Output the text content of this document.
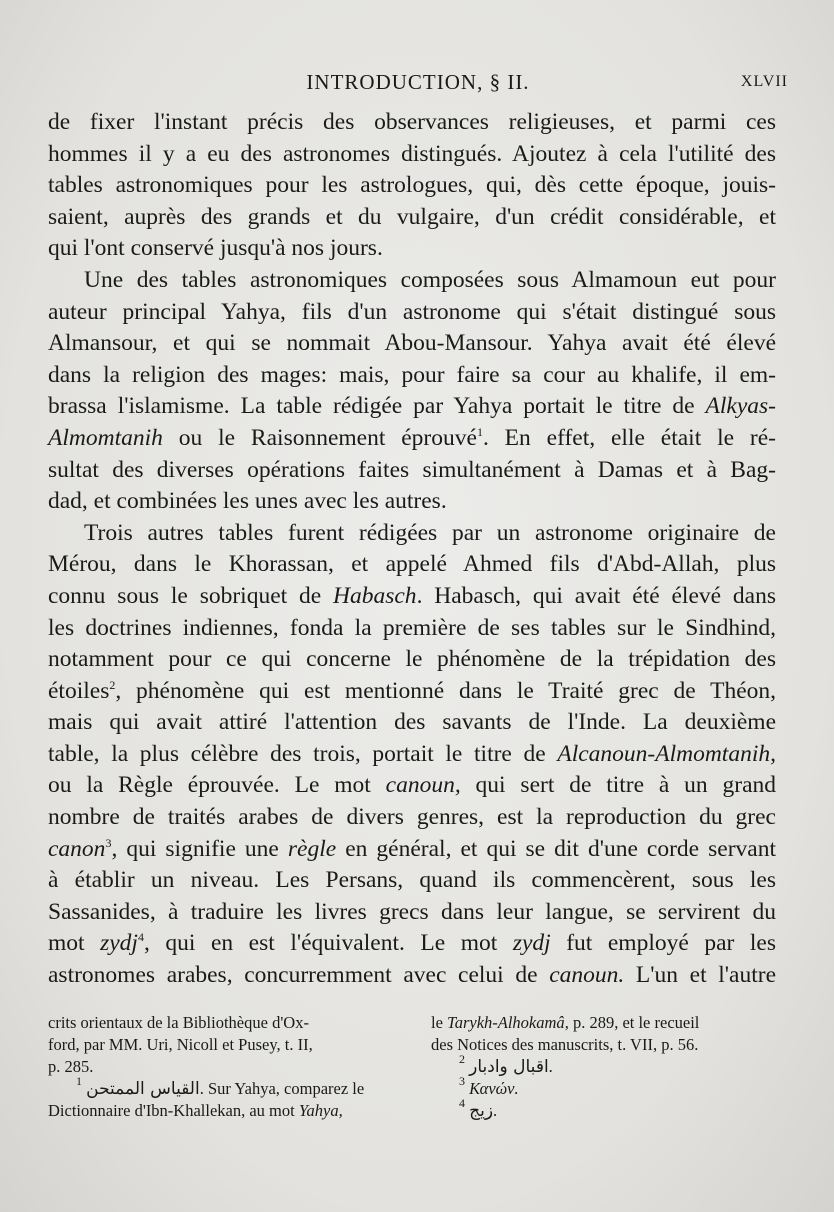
INTRODUCTION, § II.	XLVII

de fixer l'instant précis des observances religieuses, et parmi ces
hommes il y a eu des astronomes distingués. Ajoutez à cela l'utilité des
tables astronomiques pour les astrologues, qui, dès cette époque, jouis-
saient, auprès des grands et du vulgaire, d'un crédit considérable, et
qui l'ont conservé jusqu'à nos jours.

Une des tables astronomiques composées sous Almamoun eut pour
auteur principal Yahya, fils d'un astronome qui s'était distingué sous
Almansour, et qui se nommait Abou-Mansour. Yahya avait été élevé
dans la religion des mages: mais, pour faire sa cour au khalife, il em-
brassa l'islamisme. La table rédigée par Yahya portait le titre de Alkyas-
Almomtanih ou le Raisonnement éprouvé$^1$. En effet, elle était le ré-
sultat des diverses opérations faites simultanément à Damas et à Bag-
dad, et combinées les unes avec les autres.

Trois autres tables furent rédigées par un astronome originaire de
Mérou, dans le Khorassan, et appelé Ahmed fils d'Abd-Allah, plus
connu sous le sobriquet de Habasch. Habasch, qui avait été élevé dans
les doctrines indiennes, fonda la première de ses tables sur le Sindhind,
notamment pour ce qui concerne le phénomène de la trépidation des
étoiles$^2$, phénomène qui est mentionné dans le Traité grec de Théon,
mais qui avait attiré l'attention des savants de l'Inde. La deuxième
table, la plus célèbre des trois, portait le titre de Alcanoun-Almomtanih,
ou la Règle éprouvée. Le mot canoun, qui sert de titre à un grand
nombre de traités arabes de divers genres, est la reproduction du grec
canon$^3$, qui signifie une règle en général, et qui se dit d'une corde servant
à établir un niveau. Les Persans, quand ils commencèrent, sous les
Sassanides, à traduire les livres grecs dans leur langue, se servirent du
mot zydj$^4$, qui en est l'équivalent. Le mot zydj fut employé par les
astronomes arabes, concurremment avec celui de canoun. L'un et l'autre

crits orientaux de la Bibliothèque d'Ox-
ford, par MM. Uri, Nicoll et Pusey, t. II,
p. 285.
$^1$ القياس الممتحن. Sur Yahya, comparez le
Dictionnaire d'Ibn-Khallekan, au mot Yahya,
le Tarykh-Alhokamâ, p. 289, et le recueil
des Notices des manuscrits, t. VII, p. 56.
$^2$ اقبال وادبار.
$^3$ Κανών.
$^4$ زيج.
